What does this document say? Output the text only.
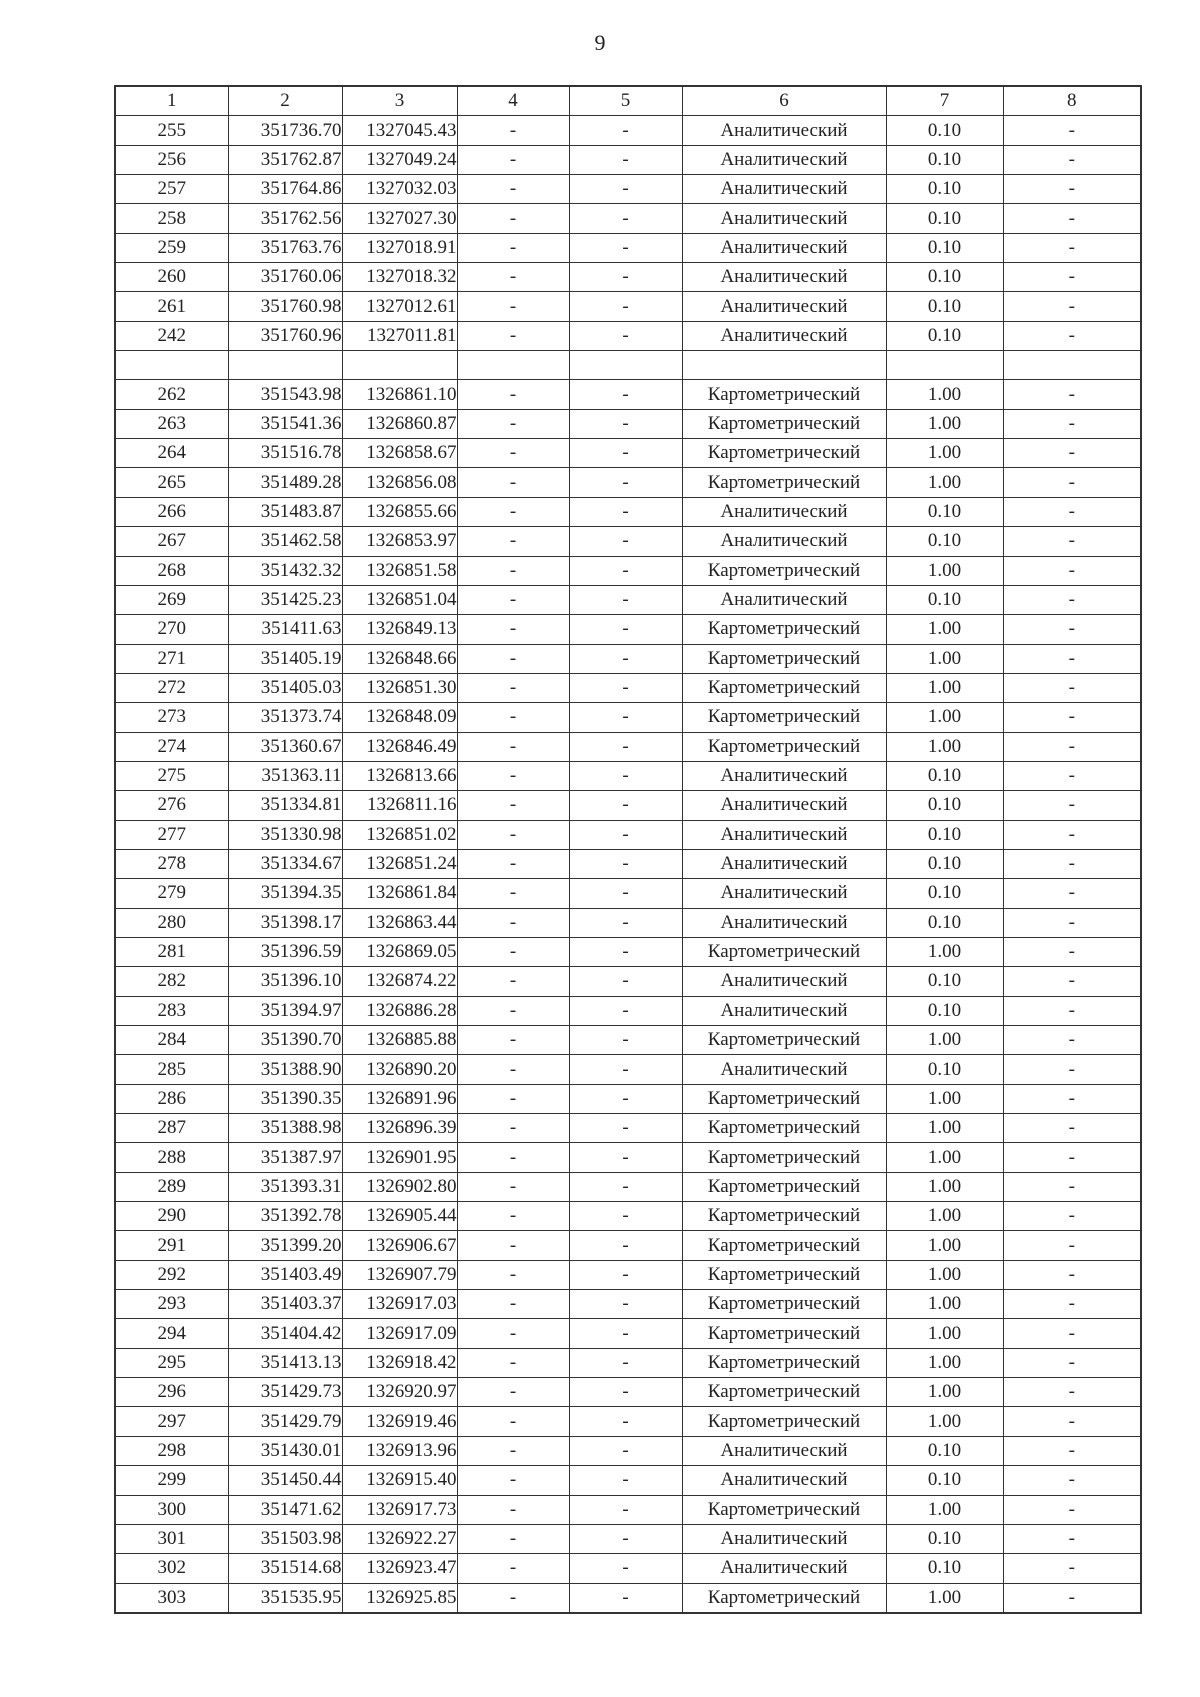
9
1	2	3	4	5	6	7	8
255	351736.70	1327045.43	-	-	Аналитический	0.10	-
256	351762.87	1327049.24	-	-	Аналитический	0.10	-
257	351764.86	1327032.03	-	-	Аналитический	0.10	-
258	351762.56	1327027.30	-	-	Аналитический	0.10	-
259	351763.76	1327018.91	-	-	Аналитический	0.10	-
260	351760.06	1327018.32	-	-	Аналитический	0.10	-
261	351760.98	1327012.61	-	-	Аналитический	0.10	-
242	351760.96	1327011.81	-	-	Аналитический	0.10	-

262	351543.98	1326861.10	-	-	Картометрический	1.00	-
263	351541.36	1326860.87	-	-	Картометрический	1.00	-
264	351516.78	1326858.67	-	-	Картометрический	1.00	-
265	351489.28	1326856.08	-	-	Картометрический	1.00	-
266	351483.87	1326855.66	-	-	Аналитический	0.10	-
267	351462.58	1326853.97	-	-	Аналитический	0.10	-
268	351432.32	1326851.58	-	-	Картометрический	1.00	-
269	351425.23	1326851.04	-	-	Аналитический	0.10	-
270	351411.63	1326849.13	-	-	Картометрический	1.00	-
271	351405.19	1326848.66	-	-	Картометрический	1.00	-
272	351405.03	1326851.30	-	-	Картометрический	1.00	-
273	351373.74	1326848.09	-	-	Картометрический	1.00	-
274	351360.67	1326846.49	-	-	Картометрический	1.00	-
275	351363.11	1326813.66	-	-	Аналитический	0.10	-
276	351334.81	1326811.16	-	-	Аналитический	0.10	-
277	351330.98	1326851.02	-	-	Аналитический	0.10	-
278	351334.67	1326851.24	-	-	Аналитический	0.10	-
279	351394.35	1326861.84	-	-	Аналитический	0.10	-
280	351398.17	1326863.44	-	-	Аналитический	0.10	-
281	351396.59	1326869.05	-	-	Картометрический	1.00	-
282	351396.10	1326874.22	-	-	Аналитический	0.10	-
283	351394.97	1326886.28	-	-	Аналитический	0.10	-
284	351390.70	1326885.88	-	-	Картометрический	1.00	-
285	351388.90	1326890.20	-	-	Аналитический	0.10	-
286	351390.35	1326891.96	-	-	Картометрический	1.00	-
287	351388.98	1326896.39	-	-	Картометрический	1.00	-
288	351387.97	1326901.95	-	-	Картометрический	1.00	-
289	351393.31	1326902.80	-	-	Картометрический	1.00	-
290	351392.78	1326905.44	-	-	Картометрический	1.00	-
291	351399.20	1326906.67	-	-	Картометрический	1.00	-
292	351403.49	1326907.79	-	-	Картометрический	1.00	-
293	351403.37	1326917.03	-	-	Картометрический	1.00	-
294	351404.42	1326917.09	-	-	Картометрический	1.00	-
295	351413.13	1326918.42	-	-	Картометрический	1.00	-
296	351429.73	1326920.97	-	-	Картометрический	1.00	-
297	351429.79	1326919.46	-	-	Картометрический	1.00	-
298	351430.01	1326913.96	-	-	Аналитический	0.10	-
299	351450.44	1326915.40	-	-	Аналитический	0.10	-
300	351471.62	1326917.73	-	-	Картометрический	1.00	-
301	351503.98	1326922.27	-	-	Аналитический	0.10	-
302	351514.68	1326923.47	-	-	Аналитический	0.10	-
303	351535.95	1326925.85	-	-	Картометрический	1.00	-
